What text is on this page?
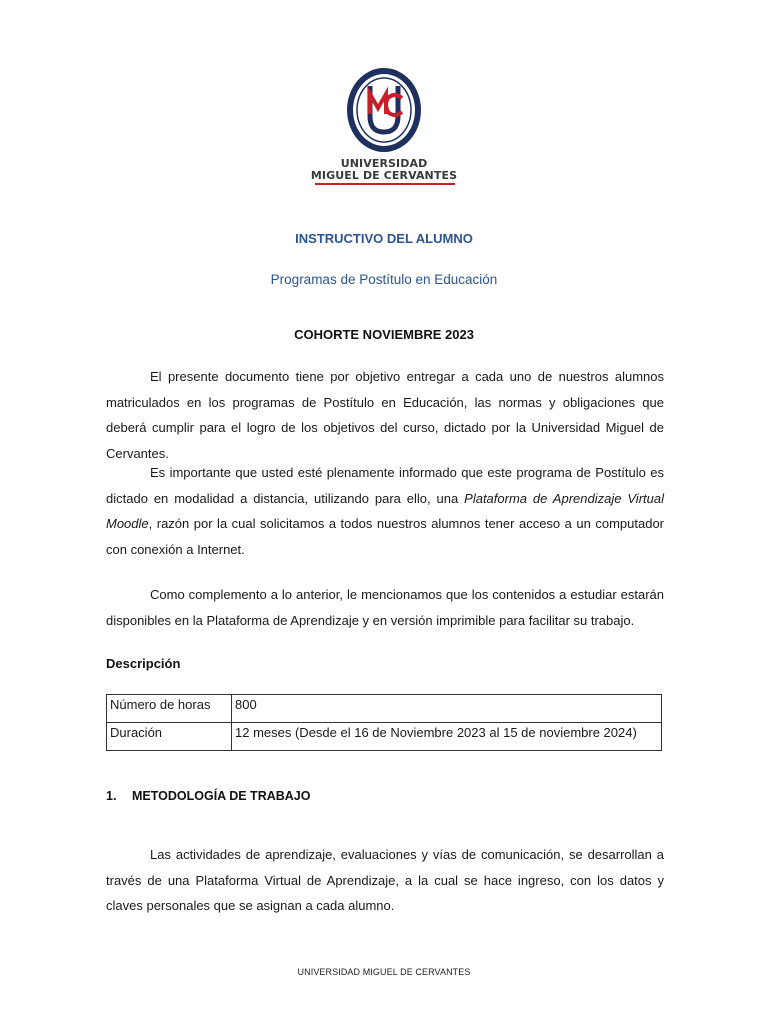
UNIVERSIDAD
MIGUEL DE CERVANTES
INSTRUCTIVO DEL ALUMNO
Programas de Postítulo en Educación
COHORTE NOVIEMBRE 2023

El presente documento tiene por objetivo entregar a cada uno de nuestros alumnos matriculados en los programas de Postítulo en Educación, las normas y obligaciones que deberá cumplir para el logro de los objetivos del curso, dictado por la Universidad Miguel de Cervantes.

Es importante que usted esté plenamente informado que este programa de Postítulo es dictado en modalidad a distancia, utilizando para ello, una Plataforma de Aprendizaje Virtual Moodle, razón por la cual solicitamos a todos nuestros alumnos tener acceso a un computador con conexión a Internet.

Como complemento a lo anterior, le mencionamos que los contenidos a estudiar estarán disponibles en la Plataforma de Aprendizaje y en versión imprimible para facilitar su trabajo.

Descripción
Número de horas	800
Duración	12 meses (Desde el 16 de Noviembre 2023 al 15 de noviembre 2024)
1. METODOLOGÍA DE TRABAJO

Las actividades de aprendizaje, evaluaciones y vías de comunicación, se desarrollan a través de una Plataforma Virtual de Aprendizaje, a la cual se hace ingreso, con los datos y claves personales que se asignan a cada alumno.

UNIVERSIDAD MIGUEL DE CERVANTES
